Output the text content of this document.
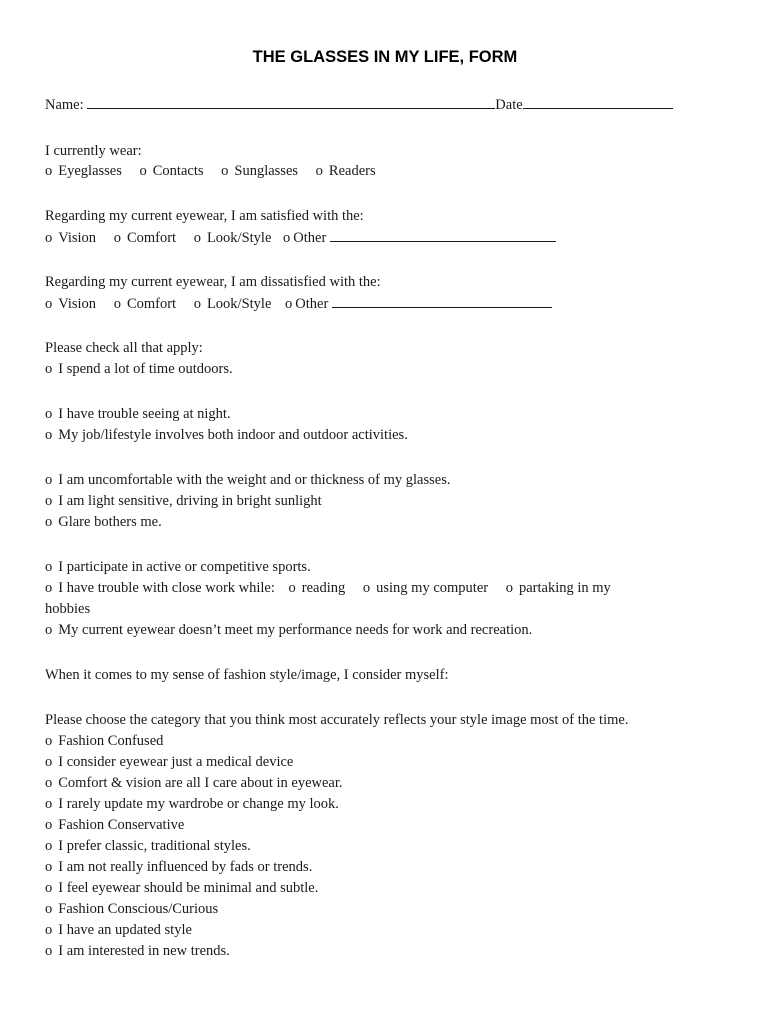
THE GLASSES IN MY LIFE, FORM
Name:	Date
I currently wear:
o Eyeglasses o Contacts o Sunglasses o Readers
Regarding my current eyewear, I am satisfied with the:
o Vision o Comfort o Look/Style o Other
Regarding my current eyewear, I am dissatisfied with the:
o Vision o Comfort o Look/Style o Other
Please check all that apply:
o I spend a lot of time outdoors.
o I have trouble seeing at night.
o My job/lifestyle involves both indoor and outdoor activities.
o I am uncomfortable with the weight and or thickness of my glasses.
o I am light sensitive, driving in bright sunlight
o Glare bothers me.
o I participate in active or competitive sports.
o I have trouble with close work while: o reading o using my computer o partaking in my
hobbies
o My current eyewear doesn’t meet my performance needs for work and recreation.
When it comes to my sense of fashion style/image, I consider myself:
Please choose the category that you think most accurately reflects your style image most of the time.
o Fashion Confused
o I consider eyewear just a medical device
o Comfort & vision are all I care about in eyewear.
o I rarely update my wardrobe or change my look.
o Fashion Conservative
o I prefer classic, traditional styles.
o I am not really influenced by fads or trends.
o I feel eyewear should be minimal and subtle.
o Fashion Conscious/Curious
o I have an updated style
o I am interested in new trends.
